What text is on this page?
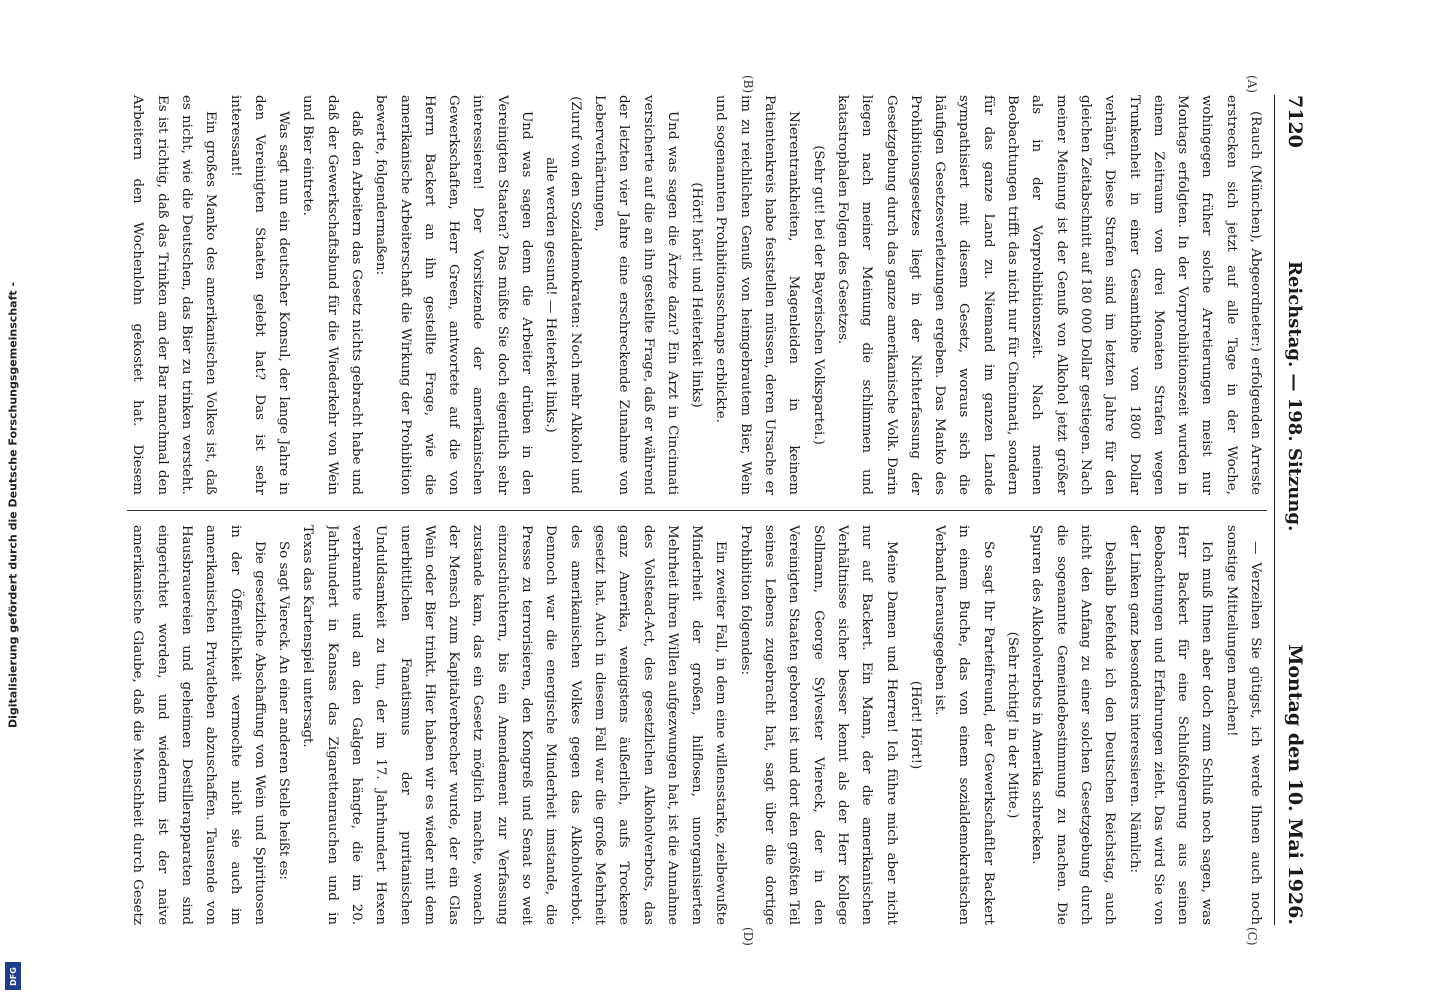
Digitalisierung gefördert durch die Deutsche Forschungsgemeinschaft -
DFG
7120
Reichstag. — 198. Sitzung.
Montag den 10. Mai 1926.
(A)
(B)
(C)
(D)

(Rauch (München), Abgeordneter:) erfolgenden Arreste erstrecken sich jetzt auf alle Tage in der Woche, wohingegen früher solche Arretierungen meist nur Montags erfolgten. In der Vorprohibitionszeit wurden in einem Zeitraum von drei Monaten Strafen wegen Trunkenheit in einer Gesamthöhe von 1800 Dollar verhängt. Diese Strafen sind im letzten Jahre für den gleichen Zeitabschnitt auf 180 000 Dollar gestiegen. Nach meiner Meinung ist der Genuß von Alkohol jetzt größer als in der Vorprohibitionszeit. Nach meinen Beobachtungen trifft das nicht nur für Cincinnati, sondern für das ganze Land zu. Niemand im ganzen Lande sympathisiert mit diesem Gesetz, woraus sich die häufigen Gesetzesverletzungen ergeben. Das Manko des Prohibitionsgesetzes liegt in der Nichterfassung der Gesetzgebung durch das ganze amerikanische Volk. Darin liegen nach meiner Meinung die schlimmen und katastrophalen Folgen des Gesetzes.

(Sehr gut! bei der Bayerischen Volkspartei.)

Nierentrankheiten, Magenleiden in keinem Patientenkreis habe feststellen müssen, deren Ursache er im zu reichlichen Genuß von heimgebrautem Bier, Wein und sogenannten Prohibitionsschnaps erblickte.

(Hört! hört! und Heiterkeit links)

Und was sagen die Ärzte dazu? Ein Arzt in Cincinnati versicherte auf die an ihn gestellte Frage, daß er während der letzten vier Jahre eine erschreckende Zunahme von Leberverhärtungen,

(Zuruf von den Sozialdemokraten: Noch mehr Alkohol und alle werden gesund! — Heiterkeit links.)

Und was sagen denn die Arbeiter drüben in den Vereinigten Staaten? Das müßte Sie doch eigentlich sehr interessieren! Der Vorsitzende der amerikanischen Gewerkschaften, Herr Green, antwortete auf die von Herrn Backert an ihn gestellte Frage, wie die amerikanische Arbeiterschaft die Wirkung der Prohibition bewerte, folgendermaßen:

daß den Arbeitern das Gesetz nichts gebracht habe und daß der Gewerkschaftsbund für die Wiederkehr von Wein und Bier eintrete.

Was sagt nun ein deutscher Konsul, der lange Jahre in den Vereinigten Staaten gelebt hat? Das ist sehr interessant!

Ein großes Manko des amerikanischen Volkes ist, daß es nicht, wie die Deutschen, das Bier zu trinken versteht. Es ist richtig, daß das Trinken am der Bar manchmal den Arbeitern den Wochenlohn gekostet hat. Diesem

— Verzeihen Sie gütigst, ich werde Ihnen auch noch sonstige Mitteilungen machen!

Ich muß Ihnen aber doch zum Schluß noch sagen, was Herr Backert für eine Schlußfolgerung aus seinen Beobachtungen und Erfahrungen zieht. Das wird Sie von der Linken ganz besonders interessieren. Nämlich:

Deshalb befehde ich den Deutschen Reichstag, auch nicht den Anfang zu einer solchen Gesetzgebung durch die sogenannte Gemeindebestimmung zu machen. Die Spuren des Alkoholverbots in Amerika schrecken.

(Sehr richtig! in der Mitte.)

So sagt Ihr Parteifreund, der Gewerkschaftler Backert in einem Buche, das von einem sozialdemokratischen Verband herausgegeben ist.

(Hört! Hört!)

Meine Damen und Herren! Ich führe mich aber nicht nur auf Backert. Ein Mann, der die amerikanischen Verhältnisse sicher besser kennt als der Herr Kollege Sollmann, George Sylvester Viereck, der in den Vereinigten Staaten geboren ist und dort den größten Teil seines Lebens zugebracht hat, sagt über die dortige Prohibition folgendes:

Ein zweiter Fall, in dem eine willensstarke, zielbewußte Minderheit der großen, hilflosen, unorganisierten Mehrheit ihren Willen aufgezwungen hat, ist die Annahme des Volstead-Act, des gesetzlichen Alkoholverbots, das ganz Amerika, wenigstens äußerlich, aufs Trockene gesetzt hat. Auch in diesem Fall war die große Mehrheit des amerikanischen Volkes gegen das Alkoholverbot. Dennoch war die energische Minderheit imstande, die Presse zu terrorisieren, den Kongreß und Senat so weit einzuschüchtern, bis ein Amendement zur Verfassung zustande kam, das ein Gesetz möglich machte, wonach der Mensch zum Kapitalverbrecher wurde, der ein Glas Wein oder Bier trinkt. Hier haben wir es wieder mit dem unerbittlichen Fanatismus der puritanischen Unduldsamkeit zu tun, der im 17. Jahrhundert Hexen verbrannte und an den Galgen hängte, die im 20. Jahrhundert in Kansas das Zigarettenrauchen und in Texas das Kartenspiel untersagt.

So sagt Viereck. An einer anderen Stelle heißt es:

Die gesetzliche Abschaffung von Wein und Spirituosen in der Öffentlichkeit vermochte nicht sie auch im amerikanischen Privatleben abzuschaffen. Tausende von Hausbrauereien und geheimen Destillerapparaten sind eingerichtet worden, und wiederum ist der naive amerikanische Glaube, daß die Menschheit durch Gesetz
